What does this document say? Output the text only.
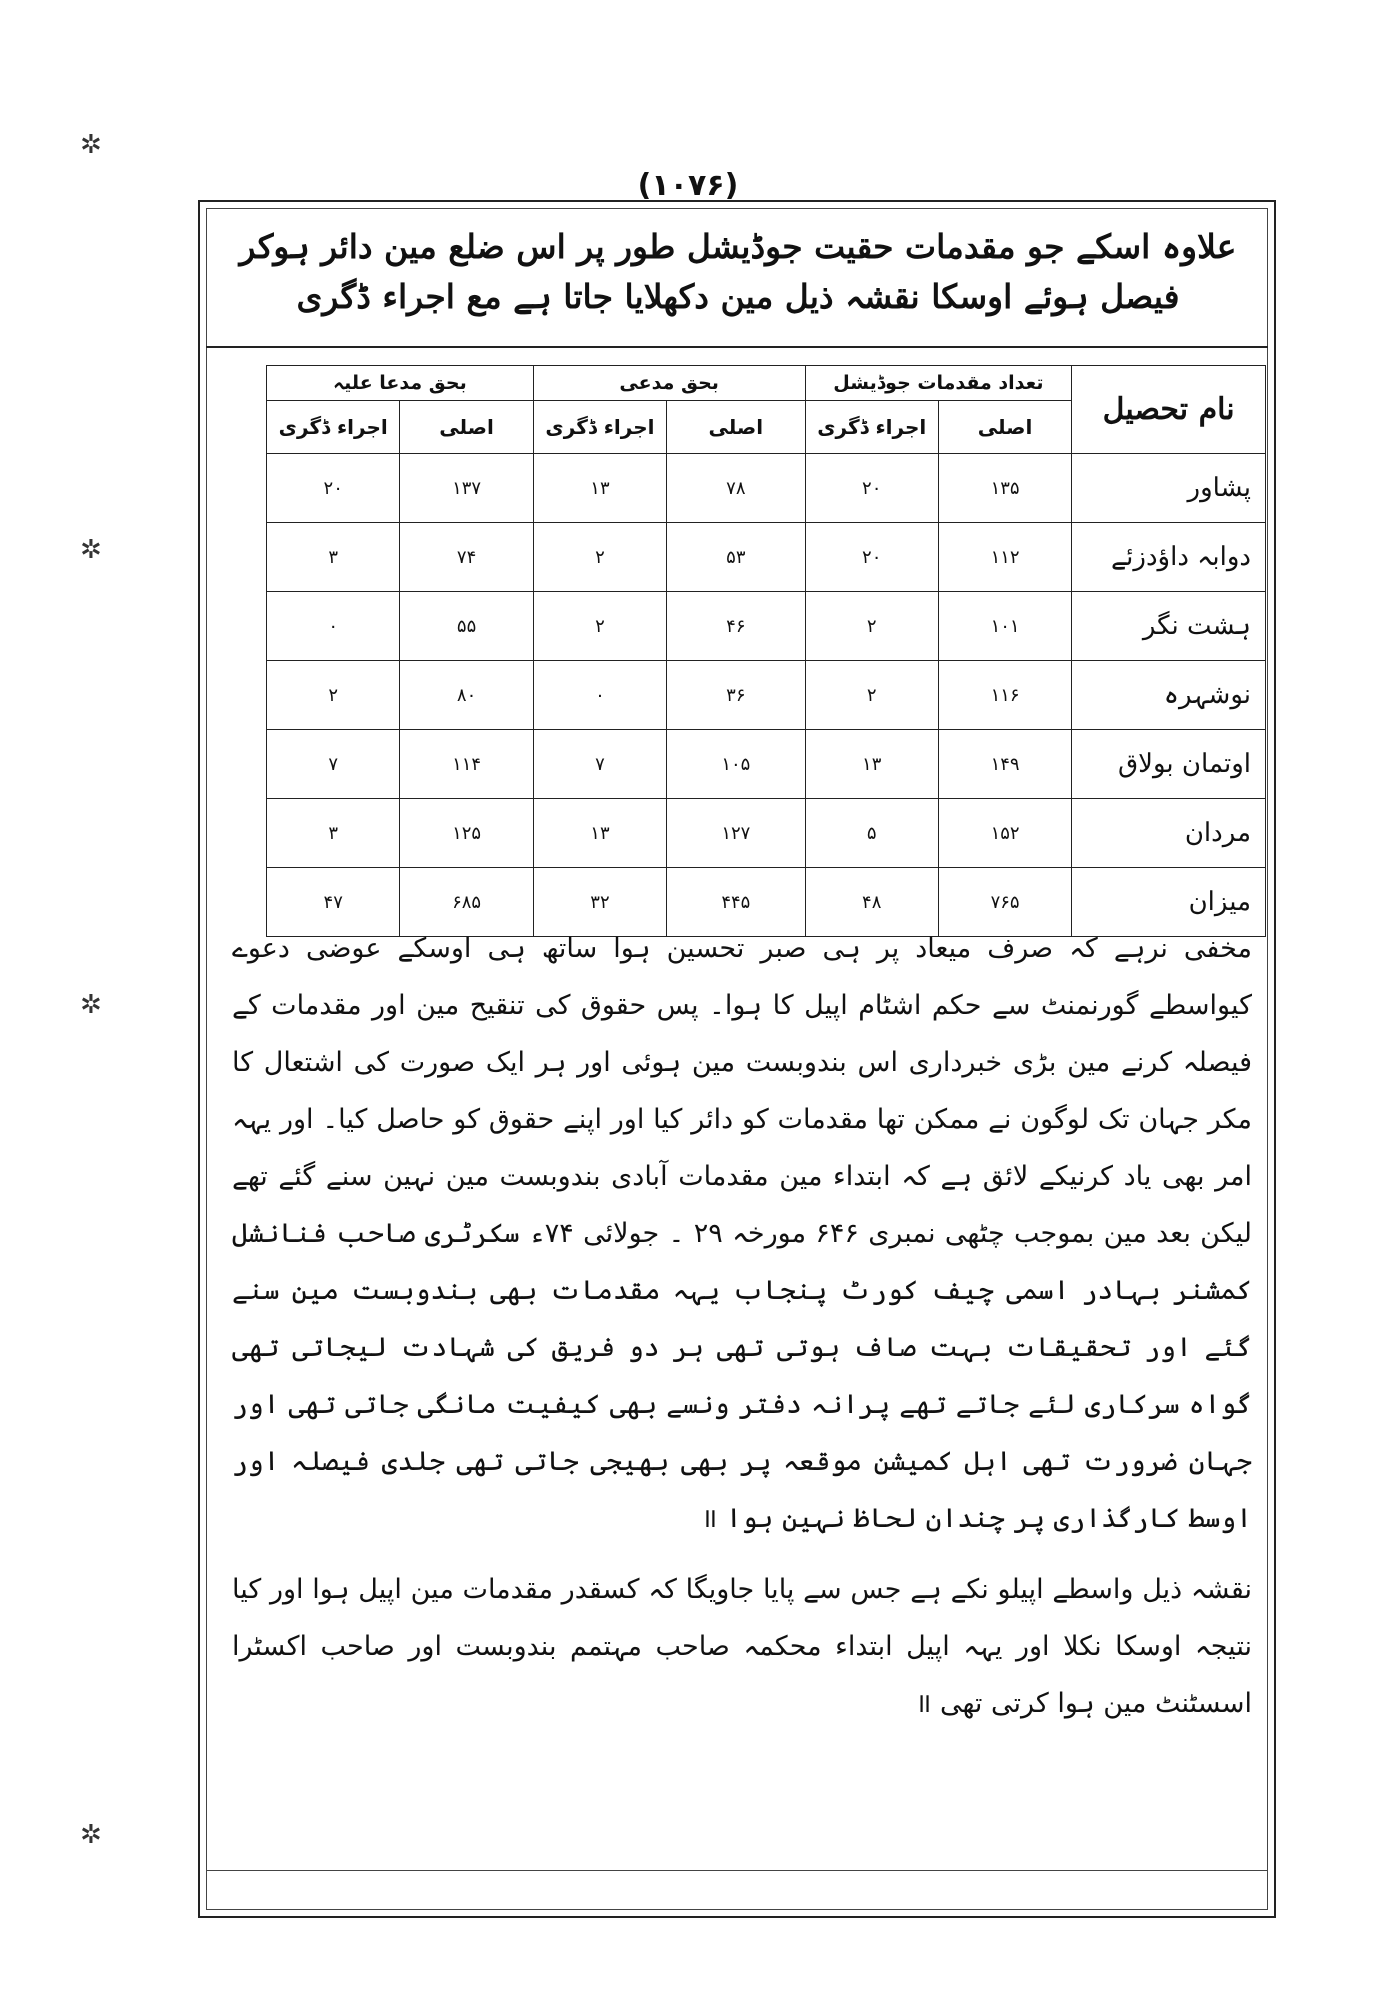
(۱۰۷۶)
علاوہ اسکے جو مقدمات حقیت جوڈیشل طور پر اس ضلع مین دائر ہوکر فیصل ہوئے اوسکا نقشہ ذیل مین دکھلایا جاتا ہے مع اجراء ڈگری
نام تحصیل	تعداد مقدمات جوڈیشل		بحق مدعی		بحق مدعا علیہ	
	اصلی	اجراء ڈگری	اصلی	اجراء ڈگری	اصلی	اجراء ڈگری
پشاور	۱۳۵	۲۰	۷۸	۱۳	۱۳۷	۲۰
دوابہ داؤدزئے	۱۱۲	۲۰	۵۳	۲	۷۴	۳
ہشت نگر	۱۰۱	۲	۴۶	۲	۵۵	۰
نوشہرہ	۱۱۶	۲	۳۶	۰	۸۰	۲
اوتمان بولاق	۱۴۹	۱۳	۱۰۵	۷	۱۱۴	۷
مردان	۱۵۲	۵	۱۲۷	۱۳	۱۲۵	۳
میزان	۷۶۵	۴۸	۴۴۵	۳۲	۶۸۵	۴۷

مخفی نرہے کہ صرف میعاد پر ہی صبر تحسین ہوا ساتھ ہی اوسکے عوضی دعوے کیواسطے گورنمنٹ سے حکم اشٹام اپیل کا ہوا۔ پس حقوق کی تنقیح مین اور مقدمات کے فیصلہ کرنے مین بڑی خبرداری اس بندوبست مین ہوئی اور ہر ایک صورت کی اشتعال کا مکر جہان تک لوگون نے ممکن تھا مقدمات کو دائر کیا اور اپنے حقوق کو حاصل کیا۔ اور یہہ امر بھی یاد کرنیکے لائق ہے کہ ابتداء مین مقدمات آبادی بندوبست مین نہین سنے گئے تھے لیکن بعد مین بموجب چٹھی نمبری ۶۴۶ مورخہ ۲۹ ۔ جولائی ۷۴ء سکرٹری صاحب فنانشل کمشنر بہادر اسمی چیف کورٹ پنجاب یہہ مقدمات بھی بندوبست مین سنے گئے اور تحقیقات بہت صاف ہوتی تھی ہر دو فریق کی شہادت لیجاتی تھی گواہ سرکاری لئے جاتے تھے پرانہ دفتر ونسے بھی کیفیت مانگی جاتی تھی اور جہان ضرورت تھی اہل کمیشن موقعہ پر بھی بھیجی جاتی تھی جلدی فیصلہ اور اوسط کارگذاری پر چندان لحاظ نہین ہوا ॥

نقشہ ذیل واسطے اپیلو نکے ہے جس سے پایا جاویگا کہ کسقدر مقدمات مین اپیل ہوا اور کیا نتیجہ اوسکا نکلا اور یہہ اپیل ابتداء محکمہ صاحب مہتمم بندوبست اور صاحب اکسٹرا اسسٹنٹ مین ہوا کرتی تھی ॥

✲
✲
✲
✲
